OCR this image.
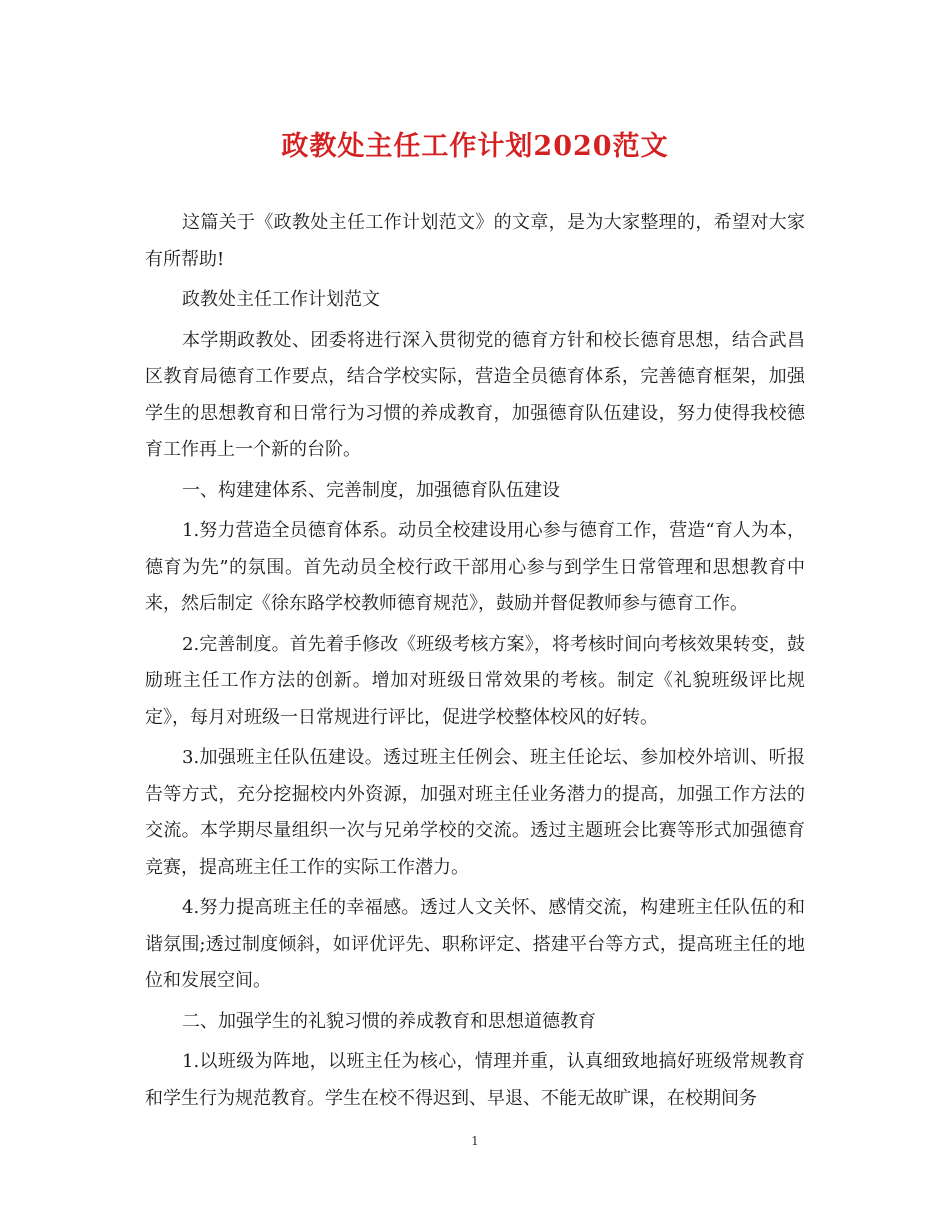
政教处主任工作计划2020范文

这篇关于《政教处主任工作计划范文》的文章，是为大家整理的，希望对大家有所帮助!

政教处主任工作计划范文

本学期政教处、团委将进行深入贯彻党的德育方针和校长德育思想，结合武昌区教育局德育工作要点，结合学校实际，营造全员德育体系，完善德育框架，加强学生的思想教育和日常行为习惯的养成教育，加强德育队伍建设，努力使得我校德育工作再上一个新的台阶。

一、构建建体系、完善制度，加强德育队伍建设

1.努力营造全员德育体系。动员全校建设用心参与德育工作，营造“育人为本，德育为先”的氛围。首先动员全校行政干部用心参与到学生日常管理和思想教育中来，然后制定《徐东路学校教师德育规范》，鼓励并督促教师参与德育工作。

2.完善制度。首先着手修改《班级考核方案》，将考核时间向考核效果转变，鼓励班主任工作方法的创新。增加对班级日常效果的考核。制定《礼貌班级评比规定》，每月对班级一日常规进行评比，促进学校整体校风的好转。

3.加强班主任队伍建设。透过班主任例会、班主任论坛、参加校外培训、听报告等方式，充分挖掘校内外资源，加强对班主任业务潜力的提高，加强工作方法的交流。本学期尽量组织一次与兄弟学校的交流。透过主题班会比赛等形式加强德育竞赛，提高班主任工作的实际工作潜力。

4.努力提高班主任的幸福感。透过人文关怀、感情交流，构建班主任队伍的和谐氛围;透过制度倾斜，如评优评先、职称评定、搭建平台等方式，提高班主任的地位和发展空间。

二、加强学生的礼貌习惯的养成教育和思想道德教育

1.以班级为阵地，以班主任为核心，情理并重，认真细致地搞好班级常规教育和学生行为规范教育。学生在校不得迟到、早退、不能无故旷课，在校期间务

1
